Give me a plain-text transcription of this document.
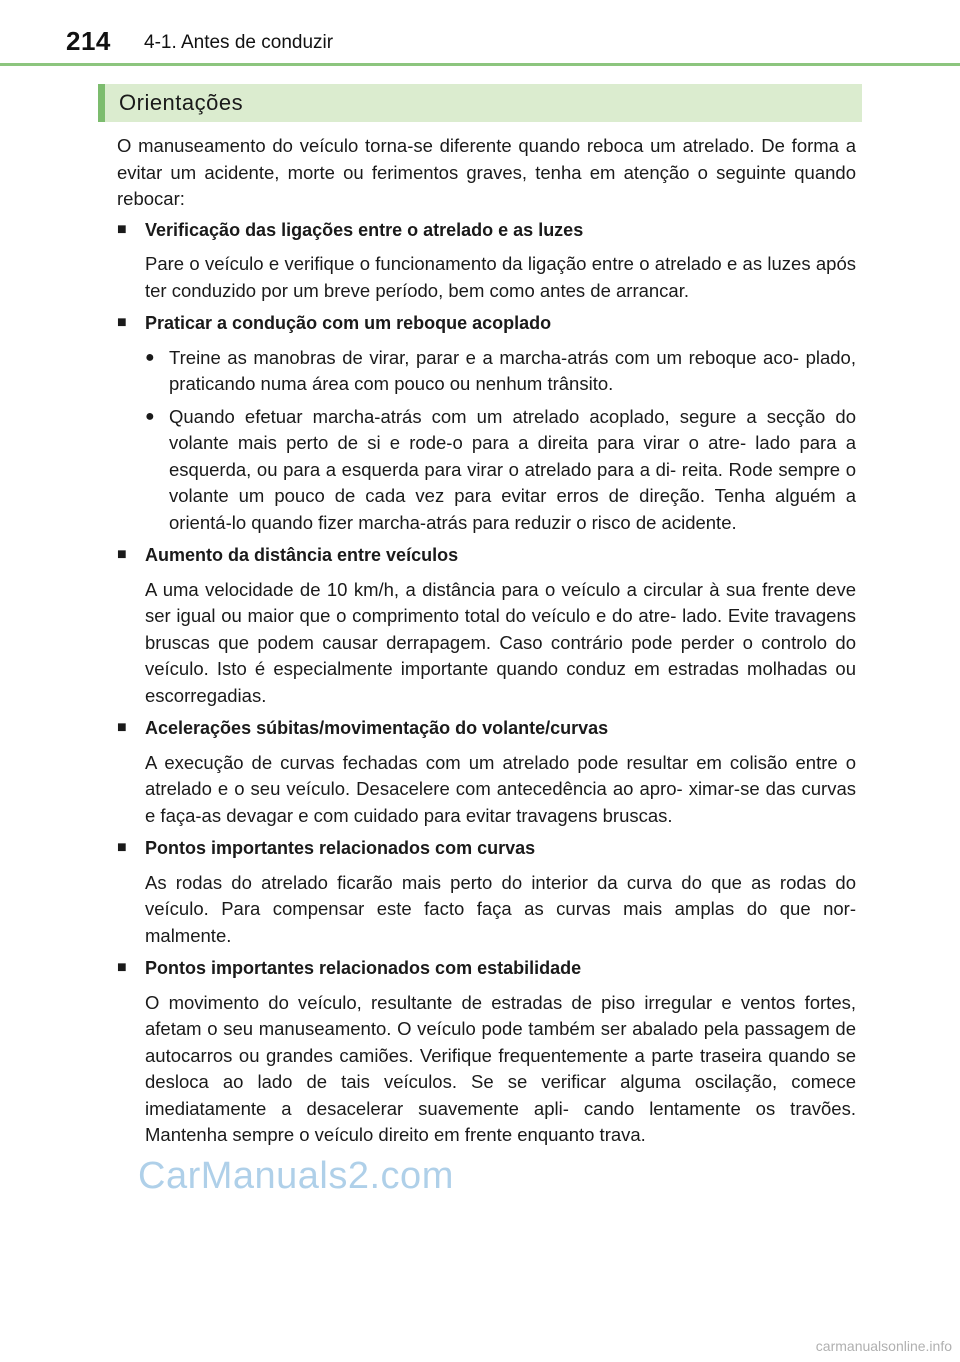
214 4-1. Antes de conduzir
Orientações

O manuseamento do veículo torna-se diferente quando reboca um atrelado. De forma a evitar um acidente, morte ou ferimentos graves, tenha em atenção o seguinte quando rebocar:

■	Verificação das ligações entre o atrelado e as luzes

Pare o veículo e verifique o funcionamento da ligação entre o atrelado e as luzes após ter conduzido por um breve período, bem como antes de arrancar.

■	Praticar a condução com um reboque acoplado
● Treine as manobras de virar, parar e a marcha-atrás com um reboque aco- plado, praticando numa área com pouco ou nenhum trânsito.
● Quando efetuar marcha-atrás com um atrelado acoplado, segure a secção do volante mais perto de si e rode-o para a direita para virar o atre- lado para a esquerda, ou para a esquerda para virar o atrelado para a di- reita. Rode sempre o volante um pouco de cada vez para evitar erros de direção. Tenha alguém a orientá-lo quando fizer marcha-atrás para reduzir o risco de acidente.
■	Aumento da distância entre veículos

A uma velocidade de 10 km/h, a distância para o veículo a circular à sua frente deve ser igual ou maior que o comprimento total do veículo e do atre- lado. Evite travagens bruscas que podem causar derrapagem. Caso contrário pode perder o controlo do veículo. Isto é especialmente importante quando conduz em estradas molhadas ou escorregadias.

■	Acelerações súbitas/movimentação do volante/curvas

A execução de curvas fechadas com um atrelado pode resultar em colisão entre o atrelado e o seu veículo. Desacelere com antecedência ao apro- ximar-se das curvas e faça-as devagar e com cuidado para evitar travagens bruscas.

■	Pontos importantes relacionados com curvas

As rodas do atrelado ficarão mais perto do interior da curva do que as rodas do veículo. Para compensar este facto faça as curvas mais amplas do que nor- malmente.

■	Pontos importantes relacionados com estabilidade

O movimento do veículo, resultante de estradas de piso irregular e ventos fortes, afetam o seu manuseamento. O veículo pode também ser abalado pela passagem de autocarros ou grandes camiões. Verifique frequentemente a parte traseira quando se desloca ao lado de tais veículos. Se se verificar alguma oscilação, comece imediatamente a desacelerar suavemente apli- cando lentamente os travões. Mantenha sempre o veículo direito em frente enquanto trava.

CarManuals2.com
carmanualsonline.info
